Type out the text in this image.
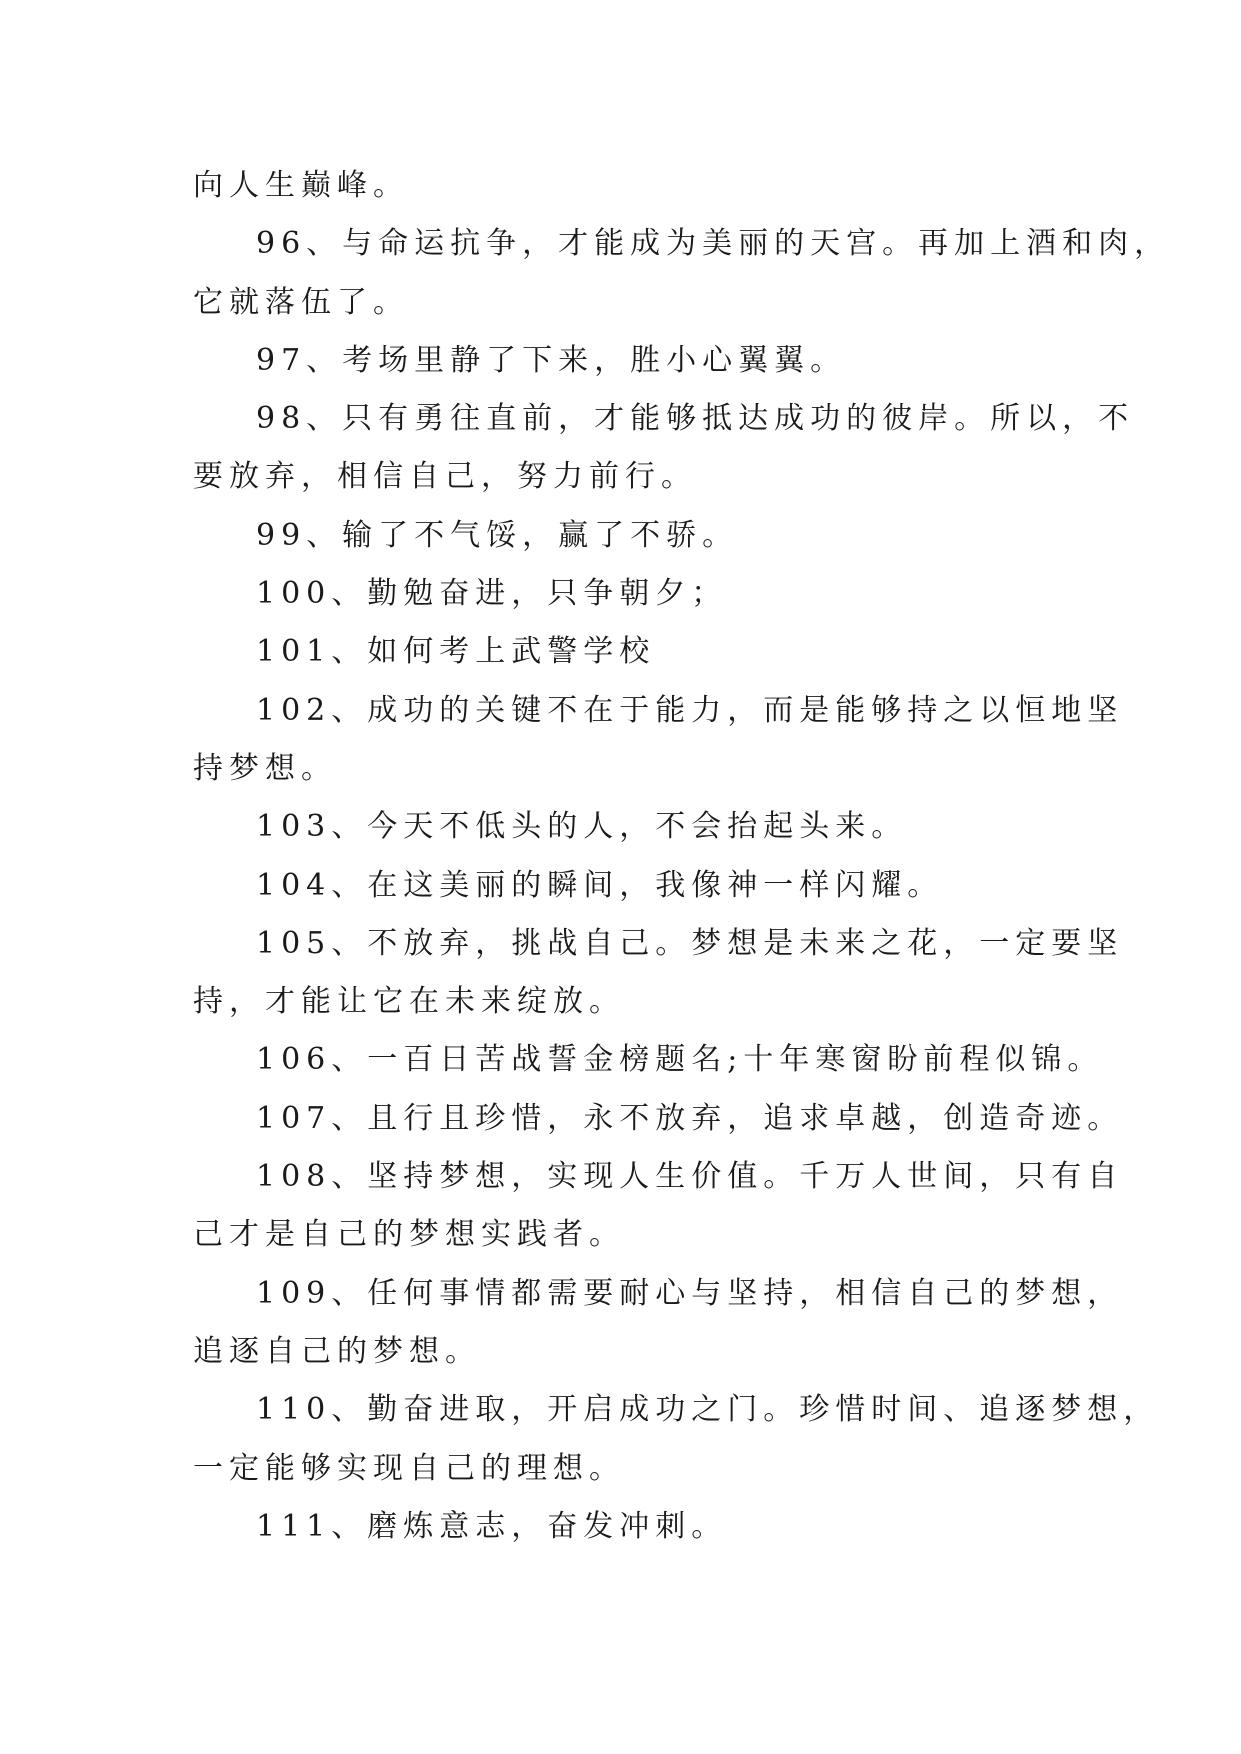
向人生巅峰。

96、与命运抗争，才能成为美丽的天宫。再加上酒和肉，
它就落伍了。

97、考场里静了下来，胜小心翼翼。

98、只有勇往直前，才能够抵达成功的彼岸。所以，不
要放弃，相信自己，努力前行。

99、输了不气馁，赢了不骄。

100、勤勉奋进，只争朝夕；

101、如何考上武警学校

102、成功的关键不在于能力，而是能够持之以恒地坚
持梦想。

103、今天不低头的人，不会抬起头来。

104、在这美丽的瞬间，我像神一样闪耀。

105、不放弃，挑战自己。梦想是未来之花，一定要坚
持，才能让它在未来绽放。

106、一百日苦战誓金榜题名;十年寒窗盼前程似锦。

107、且行且珍惜，永不放弃，追求卓越，创造奇迹。

108、坚持梦想，实现人生价值。千万人世间，只有自
己才是自己的梦想实践者。

109、任何事情都需要耐心与坚持，相信自己的梦想，
追逐自己的梦想。

110、勤奋进取，开启成功之门。珍惜时间、追逐梦想，
一定能够实现自己的理想。

111、磨炼意志，奋发冲刺。
